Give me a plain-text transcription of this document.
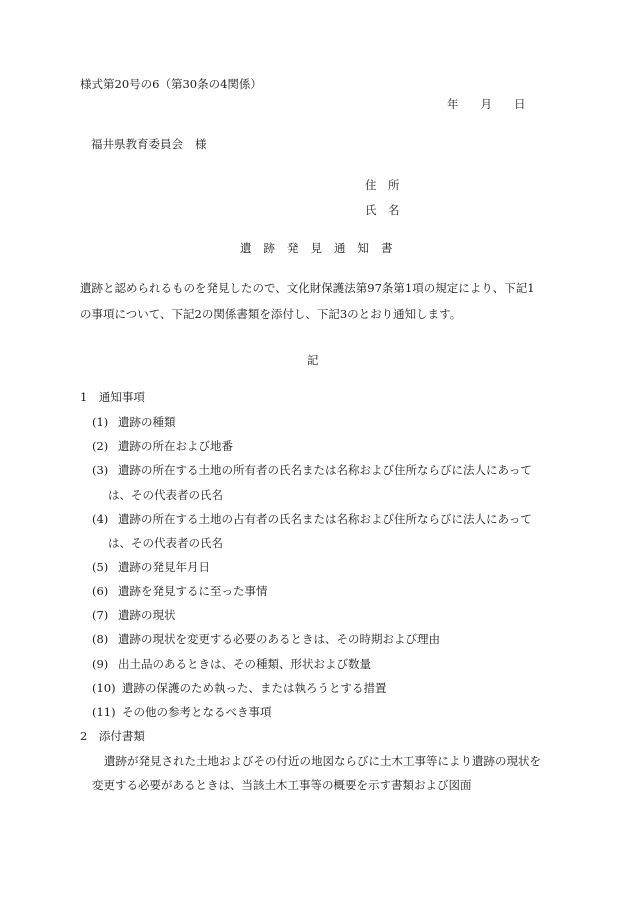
様式第20号の6（第30条の4関係）
年 月 日
福井県教育委員会 様
住　所
氏　名
遺跡発見通知書
遺跡と認められるものを発見したので、文化財保護法第97条第1項の規定により、下記1
の事項について、下記2の関係書類を添付し、下記3のとおり通知します。
記
1　通知事項
(1) 遺跡の種類
(2) 遺跡の所在および地番
(3) 遺跡の所在する土地の所有者の氏名または名称および住所ならびに法人にあって
は、その代表者の氏名
(4) 遺跡の所在する土地の占有者の氏名または名称および住所ならびに法人にあって
は、その代表者の氏名
(5) 遺跡の発見年月日
(6) 遺跡を発見するに至った事情
(7) 遺跡の現状
(8) 遺跡の現状を変更する必要のあるときは、その時期および理由
(9) 出土品のあるときは、その種類、形状および数量
(10) 遺跡の保護のため執った、または執ろうとする措置
(11) その他の参考となるべき事項
2　添付書類
遺跡が発見された土地およびその付近の地図ならびに土木工事等により遺跡の現状を
変更する必要があるときは、当該土木工事等の概要を示す書類および図面
